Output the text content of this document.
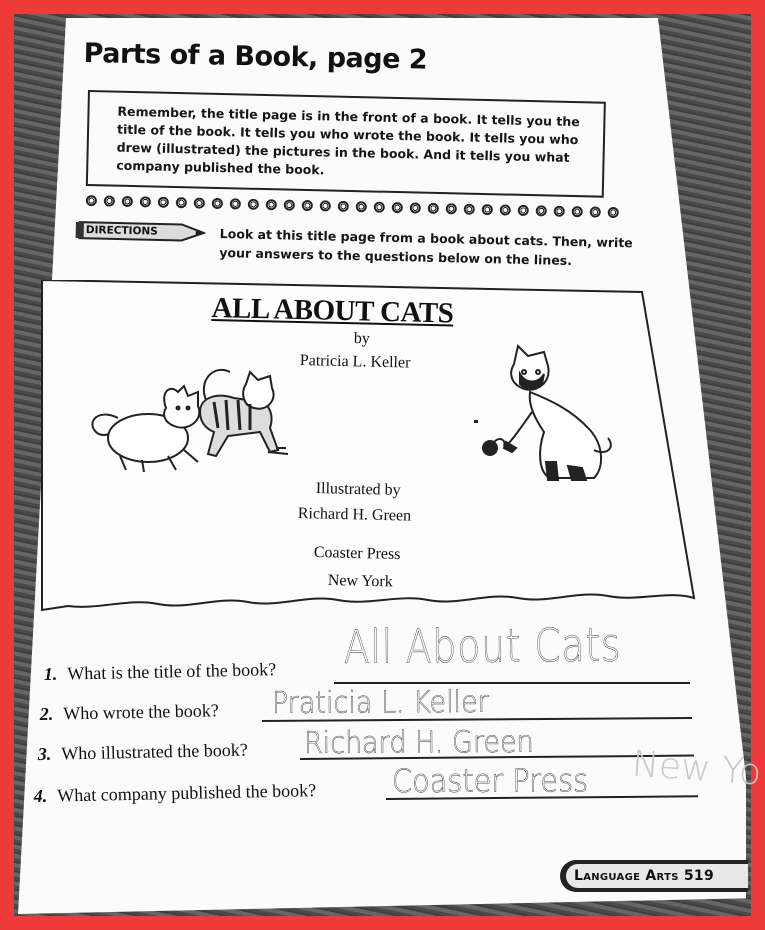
Parts of a Book, page 2
Remember, the title page is in the front of a book. It tells you the title of the book. It tells you who wrote the book. It tells you who drew (illustrated) the pictures in the book. And it tells you what company published the book.
DIRECTIONS	Look at this title page from a book about cats. Then, write your answers to the questions below on the lines.
ALL ABOUT CATS
by
Patricia L. Keller
Illustrated by
Richard H. Green
Coaster Press
New York
1. What is the title of the book? All About Cats
2. Who wrote the book? Praticia L. Keller
3. Who illustrated the book? Richard H. Green
4. What company published the book? Coaster Press New Yo
Language Arts 519
